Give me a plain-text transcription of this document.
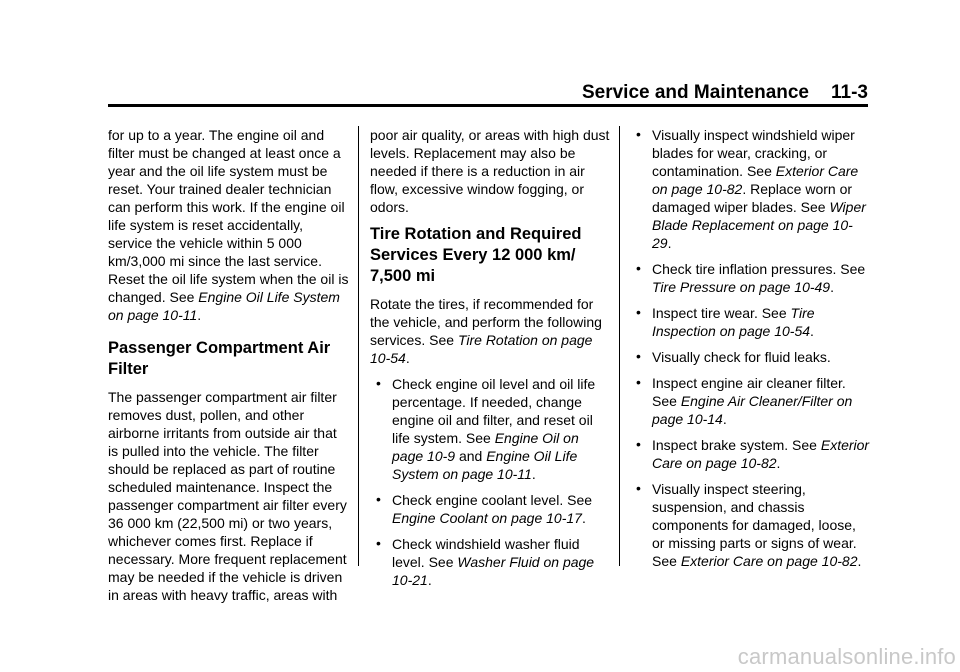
Service and Maintenance 11-3

for up to a year. The engine oil and filter must be changed at least once a year and the oil life system must be reset. Your trained dealer technician can perform this work. If the engine oil life system is reset accidentally, service the vehicle within 5 000 km/3,000 mi since the last service. Reset the oil life system when the oil is changed. See Engine Oil Life System on page 10-11.

Passenger Compartment Air Filter

The passenger compartment air filter removes dust, pollen, and other airborne irritants from outside air that is pulled into the vehicle. The filter should be replaced as part of routine scheduled maintenance. Inspect the passenger compartment air filter every 36 000 km (22,500 mi) or two years, whichever comes first. Replace if necessary. More frequent replacement may be needed if the vehicle is driven in areas with heavy traffic, areas with

poor air quality, or areas with high dust levels. Replacement may also be needed if there is a reduction in air flow, excessive window fogging, or odors.

Tire Rotation and Required Services Every 12 000 km/ 7,500 mi

Rotate the tires, if recommended for the vehicle, and perform the following services. See Tire Rotation on page 10-54.

• Check engine oil level and oil life percentage. If needed, change engine oil and filter, and reset oil life system. See Engine Oil on page 10-9 and Engine Oil Life System on page 10-11.
• Check engine coolant level. See Engine Coolant on page 10-17.
• Check windshield washer fluid level. See Washer Fluid on page 10-21.
• Visually inspect windshield wiper blades for wear, cracking, or contamination. See Exterior Care on page 10-82. Replace worn or damaged wiper blades. See Wiper Blade Replacement on page 10-29.
• Check tire inflation pressures. See Tire Pressure on page 10-49.
• Inspect tire wear. See Tire Inspection on page 10-54.
• Visually check for fluid leaks.
• Inspect engine air cleaner filter. See Engine Air Cleaner/Filter on page 10-14.
• Inspect brake system. See Exterior Care on page 10-82.
• Visually inspect steering, suspension, and chassis components for damaged, loose, or missing parts or signs of wear. See Exterior Care on page 10-82.
carmanualsonline.info
